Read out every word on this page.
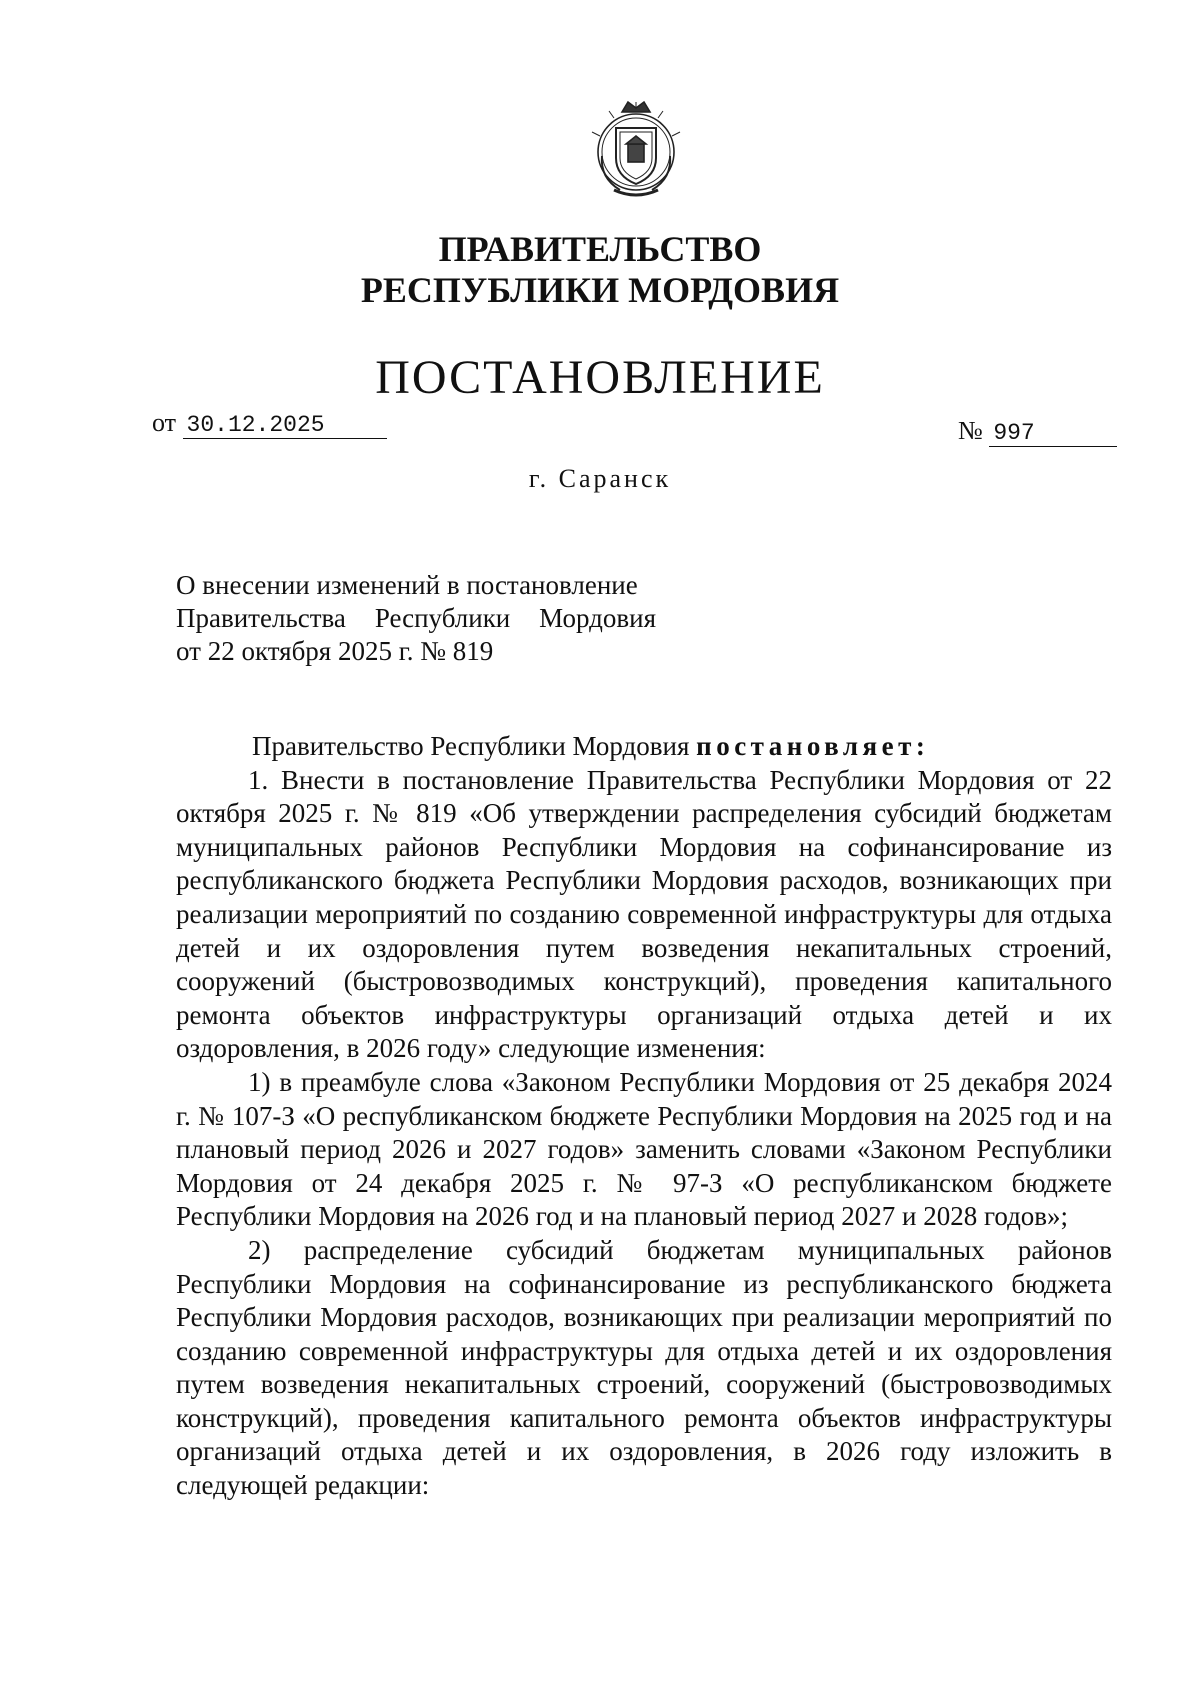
ПРАВИТЕЛЬСТВО
РЕСПУБЛИКИ МОРДОВИЯ
ПОСТАНОВЛЕНИЕ
от 30.12.2025	№ 997
г. Саранск
О внесении изменений в постановление
Правительства Республики Мордовия
от 22 октября 2025 г. № 819

Правительство Республики Мордовия постановляет:

1. Внести в постановление Правительства Республики Мордовия от 22 октября 2025 г. № 819 «Об утверждении распределения субсидий бюджетам муниципальных районов Республики Мордовия на софинансирование из республиканского бюджета Республики Мордовия расходов, возникающих при реализации мероприятий по созданию современной инфраструктуры для отдыха детей и их оздоровления путем возведения некапитальных строений, сооружений (быстровозводимых конструкций), проведения капитального ремонта объектов инфраструктуры организаций отдыха детей и их оздоровления, в 2026 году» следующие изменения:

1) в преамбуле слова «Законом Республики Мордовия от 25 декабря 2024 г. № 107-З «О республиканском бюджете Республики Мордовия на 2025 год и на плановый период 2026 и 2027 годов» заменить словами «Законом Республики Мордовия от 24 декабря 2025 г. № 97-З «О республиканском бюджете Республики Мордовия на 2026 год и на плановый период 2027 и 2028 годов»;

2) распределение субсидий бюджетам муниципальных районов Республики Мордовия на софинансирование из республиканского бюджета Республики Мордовия расходов, возникающих при реализации мероприятий по созданию современной инфраструктуры для отдыха детей и их оздоровления путем возведения некапитальных строений, сооружений (быстровозводимых конструкций), проведения капитального ремонта объектов инфраструктуры организаций отдыха детей и их оздоровления, в 2026 году изложить в следующей редакции:
